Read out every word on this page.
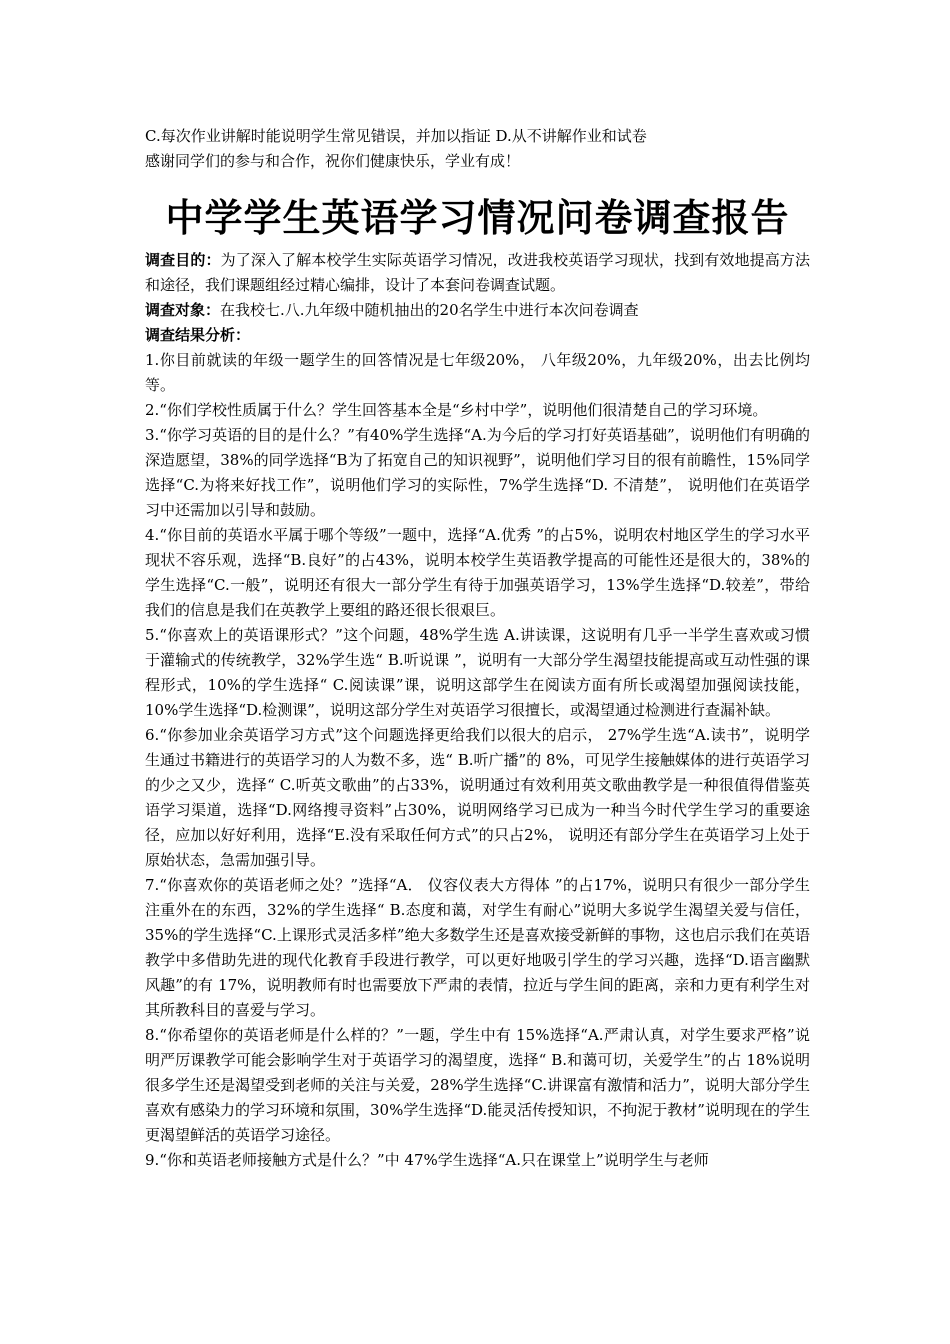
C.每次作业讲解时能说明学生常见错误，并加以指证 D.从不讲解作业和试卷

感谢同学们的参与和合作，祝你们健康快乐，学业有成！

中学学生英语学习情况问卷调查报告

调查目的：为了深入了解本校学生实际英语学习情况，改进我校英语学习现状，找到有效地提高方法和途径，我们课题组经过精心编排，设计了本套问卷调查试题。

调查对象：在我校七.八.九年级中随机抽出的20名学生中进行本次问卷调查

调查结果分析：

1.你目前就读的年级一题学生的回答情况是七年级20%， 八年级20%，九年级20%，出去比例均等。

2.“你们学校性质属于什么？学生回答基本全是“乡村中学”，说明他们很清楚自己的学习环境。

3.“你学习英语的目的是什么？”有40%学生选择“A.为今后的学习打好英语基础”，说明他们有明确的深造愿望，38%的同学选择“B为了拓宽自己的知识视野”，说明他们学习目的很有前瞻性，15%同学选择“C.为将来好找工作”，说明他们学习的实际性，7%学生选择“D. 不清楚”， 说明他们在英语学习中还需加以引导和鼓励。

4.“你目前的英语水平属于哪个等级”一题中，选择“A.优秀 ”的占5%，说明农村地区学生的学习水平现状不容乐观，选择“B.良好”的占43%，说明本校学生英语教学提高的可能性还是很大的，38%的学生选择“C.一般”，说明还有很大一部分学生有待于加强英语学习，13%学生选择“D.较差”，带给我们的信息是我们在英教学上要组的路还很长很艰巨。

5.“你喜欢上的英语课形式？”这个问题，48%学生选 A.讲读课，这说明有几乎一半学生喜欢或习惯于灌输式的传统教学，32%学生选“ B.听说课 ”，说明有一大部分学生渴望技能提高或互动性强的课程形式，10%的学生选择“ C.阅读课”课，说明这部学生在阅读方面有所长或渴望加强阅读技能，10%学生选择“D.检测课”，说明这部分学生对英语学习很擅长，或渴望通过检测进行查漏补缺。

6.“你参加业余英语学习方式”这个问题选择更给我们以很大的启示， 27%学生选“A.读书”，说明学生通过书籍进行的英语学习的人为数不多，选“ B.听广播”的 8%，可见学生接触媒体的进行英语学习的少之又少，选择“ C.听英文歌曲”的占33%，说明通过有效利用英文歌曲教学是一种很值得借鉴英语学习渠道，选择“D.网络搜寻资料”占30%，说明网络学习已成为一种当今时代学生学习的重要途径，应加以好好利用，选择“E.没有采取任何方式”的只占2%， 说明还有部分学生在英语学习上处于原始状态，急需加强引导。

7.“你喜欢你的英语老师之处？”选择“A． 仪容仪表大方得体 ”的占17%，说明只有很少一部分学生注重外在的东西，32%的学生选择“ B.态度和蔼，对学生有耐心”说明大多说学生渴望关爱与信任，35%的学生选择“C.上课形式灵活多样”绝大多数学生还是喜欢接受新鲜的事物，这也启示我们在英语教学中多借助先进的现代化教育手段进行教学，可以更好地吸引学生的学习兴趣，选择“D.语言幽默风趣”的有 17%，说明教师有时也需要放下严肃的表情，拉近与学生间的距离，亲和力更有利学生对其所教科目的喜爱与学习。

8.“你希望你的英语老师是什么样的？”一题，学生中有 15%选择“A.严肃认真，对学生要求严格”说明严厉课教学可能会影响学生对于英语学习的渴望度，选择“ B.和蔼可切，关爱学生”的占 18%说明很多学生还是渴望受到老师的关注与关爱，28%学生选择“C.讲课富有激情和活力”，说明大部分学生喜欢有感染力的学习环境和氛围，30%学生选择“D.能灵活传授知识，不拘泥于教材”说明现在的学生更渴望鲜活的英语学习途径。

9.“你和英语老师接触方式是什么？”中 47%学生选择“A.只在课堂上”说明学生与老师
